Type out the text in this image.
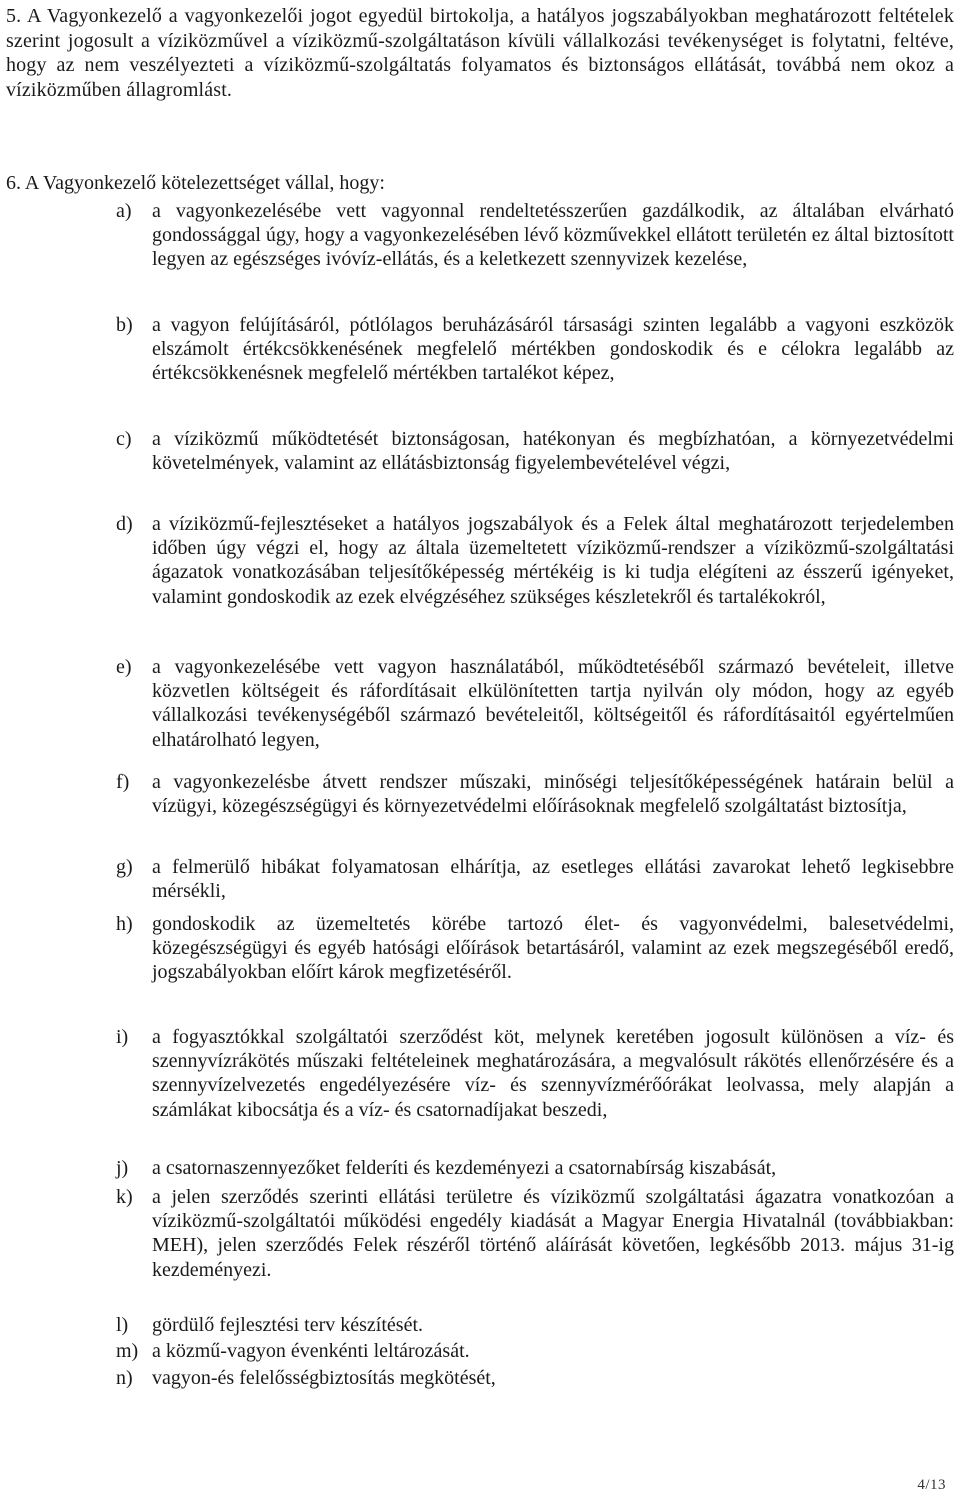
5. A Vagyonkezelő a vagyonkezelői jogot egyedül birtokolja, a hatályos jogszabályokban meghatározott feltételek szerint jogosult a víziközművel a víziközmű-szolgáltatáson kívüli vállalkozási tevékenységet is folytatni, feltéve, hogy az nem veszélyezteti a víziközmű-szolgáltatás folyamatos és biztonságos ellátását, továbbá nem okoz a víziközműben állagromlást.
6. A Vagyonkezelő kötelezettséget vállal, hogy:
a)	a vagyonkezelésébe vett vagyonnal rendeltetésszerűen gazdálkodik, az általában elvárható gondossággal úgy, hogy a vagyonkezelésében lévő közművekkel ellátott területén ez által biztosított legyen az egészséges ivóvíz-ellátás, és a keletkezett szennyvizek kezelése,
b) a vagyon felújításáról, pótlólagos beruházásáról társasági szinten legalább a vagyoni eszközök elszámolt értékcsökkenésének megfelelő mértékben gondoskodik és e célokra legalább az értékcsökkenésnek megfelelő mértékben tartalékot képez,
c)	a víziközmű működtetését biztonságosan, hatékonyan és megbízhatóan, a környezetvédelmi követelmények, valamint az ellátásbiztonság figyelembevételével végzi,
d) a víziközmű-fejlesztéseket a hatályos jogszabályok és a Felek által meghatározott terjedelemben időben úgy végzi el, hogy az általa üzemeltetett víziközmű-rendszer a víziközmű-szolgáltatási ágazatok vonatkozásában teljesítőképesség mértékéig is ki tudja elégíteni az ésszerű igényeket, valamint gondoskodik az ezek elvégzéséhez szükséges készletekről és tartalékokról,
e)	a vagyonkezelésébe vett vagyon használatából, működtetéséből származó bevételeit, illetve közvetlen költségeit és ráfordításait elkülönítetten tartja nyilván oly módon, hogy az egyéb vállalkozási tevékenységéből származó bevételeitől, költségeitől és ráfordításaitól egyértelműen elhatárolható legyen,
f)	a vagyonkezelésbe átvett rendszer műszaki, minőségi teljesítőképességének határain belül a vízügyi, közegészségügyi és környezetvédelmi előírásoknak megfelelő szolgáltatást biztosítja,
g) a felmerülő hibákat folyamatosan elhárítja, az esetleges ellátási zavarokat lehető legkisebbre mérsékli,
h) gondoskodik az üzemeltetés körébe tartozó élet- és vagyonvédelmi, balesetvédelmi, közegészségügyi és egyéb hatósági előírások betartásáról, valamint az ezek megszegéséből eredő, jogszabályokban előírt károk megfizetéséről.
i)	a fogyasztókkal szolgáltatói szerződést köt, melynek keretében jogosult különösen a víz- és szennyvízrákötés műszaki feltételeinek meghatározására, a megvalósult rákötés ellenőrzésére és a szennyvízelvezetés engedélyezésére víz- és szennyvízmérőórákat leolvassa, mely alapján a számlákat kibocsátja és a víz- és csatornadíjakat beszedi,
j)	a csatornaszennyezőket felderíti és kezdeményezi a csatornabírság kiszabását,
k) a jelen szerződés szerinti ellátási területre és víziközmű szolgáltatási ágazatra vonatkozóan a víziközmű-szolgáltatói működési engedély kiadását a Magyar Energia Hivatalnál (továbbiakban: MEH), jelen szerződés Felek részéről történő aláírását követően, legkésőbb 2013. május 31-ig kezdeményezi.
l)	gördülő fejlesztési terv készítését.
m) a közmű-vagyon évenkénti leltározását.
n) vagyon-és felelősségbiztosítás megkötését,
4/13
